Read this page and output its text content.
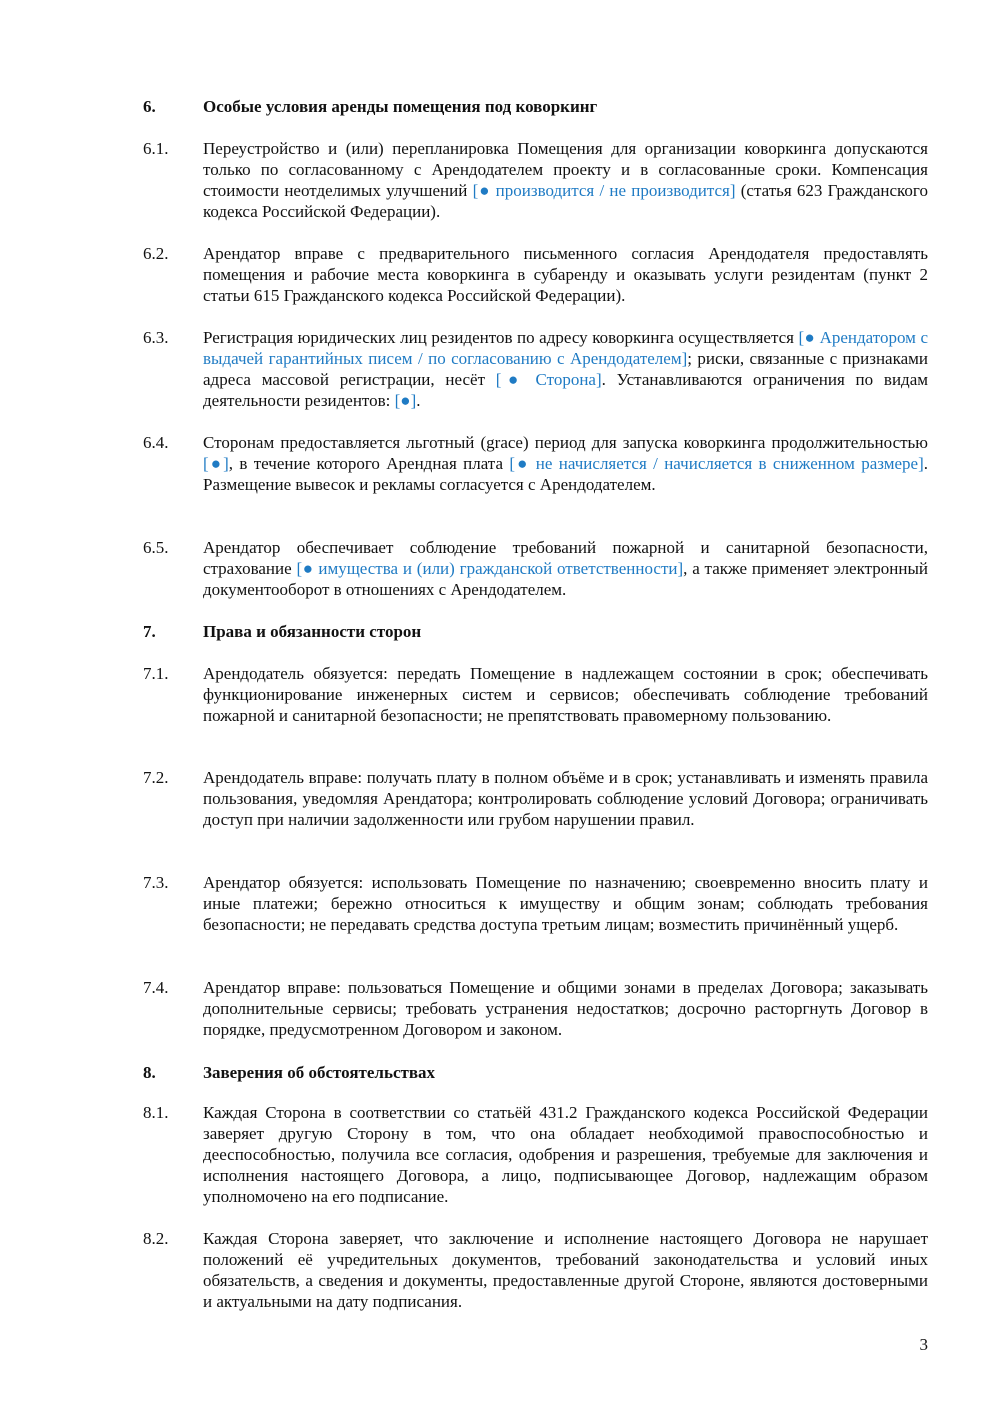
6.	Особые условия аренды помещения под коворкинг
6.1. Переустройство и (или) перепланировка Помещения для организации коворкинга допускаются только по согласованному с Арендодателем проекту и в согласованные сроки. Компенсация стоимости неотделимых улучшений [● производится / не производится] (статья 623 Гражданского кодекса Российской Федерации).
6.2. Арендатор вправе с предварительного письменного согласия Арендодателя предоставлять помещения и рабочие места коворкинга в субаренду и оказывать услуги резидентам (пункт 2 статьи 615 Гражданского кодекса Российской Федерации).
6.3. Регистрация юридических лиц резидентов по адресу коворкинга осуществляется [● Арендатором с выдачей гарантийных писем / по согласованию с Арендодателем]; риски, связанные с признаками адреса массовой регистрации, несёт [● Сторона]. Устанавливаются ограничения по видам деятельности резидентов: [●].
6.4. Сторонам предоставляется льготный (grace) период для запуска коворкинга продолжительностью [●], в течение которого Арендная плата [● не начисляется / начисляется в сниженном размере]. Размещение вывесок и рекламы согласуется с Арендодателем.
6.5. Арендатор обеспечивает соблюдение требований пожарной и санитарной безопасности, страхование [● имущества и (или) гражданской ответственности], а также применяет электронный документооборот в отношениях с Арендодателем.
7.	Права и обязанности сторон
7.1. Арендодатель обязуется: передать Помещение в надлежащем состоянии в срок; обеспечивать функционирование инженерных систем и сервисов; обеспечивать соблюдение требований пожарной и санитарной безопасности; не препятствовать правомерному пользованию.
7.2. Арендодатель вправе: получать плату в полном объёме и в срок; устанавливать и изменять правила пользования, уведомляя Арендатора; контролировать соблюдение условий Договора; ограничивать доступ при наличии задолженности или грубом нарушении правил.
7.3. Арендатор обязуется: использовать Помещение по назначению; своевременно вносить плату и иные платежи; бережно относиться к имуществу и общим зонам; соблюдать требования безопасности; не передавать средства доступа третьим лицам; возместить причинённый ущерб.
7.4. Арендатор вправе: пользоваться Помещение и общими зонами в пределах Договора; заказывать дополнительные сервисы; требовать устранения недостатков; досрочно расторгнуть Договор в порядке, предусмотренном Договором и законом.
8.	Заверения об обстоятельствах
8.1. Каждая Сторона в соответствии со статьёй 431.2 Гражданского кодекса Российской Федерации заверяет другую Сторону в том, что она обладает необходимой правоспособностью и дееспособностью, получила все согласия, одобрения и разрешения, требуемые для заключения и исполнения настоящего Договора, а лицо, подписывающее Договор, надлежащим образом уполномочено на его подписание.
8.2. Каждая Сторона заверяет, что заключение и исполнение настоящего Договора не нарушает положений её учредительных документов, требований законодательства и условий иных обязательств, а сведения и документы, предоставленные другой Стороне, являются достоверными и актуальными на дату подписания.
3
